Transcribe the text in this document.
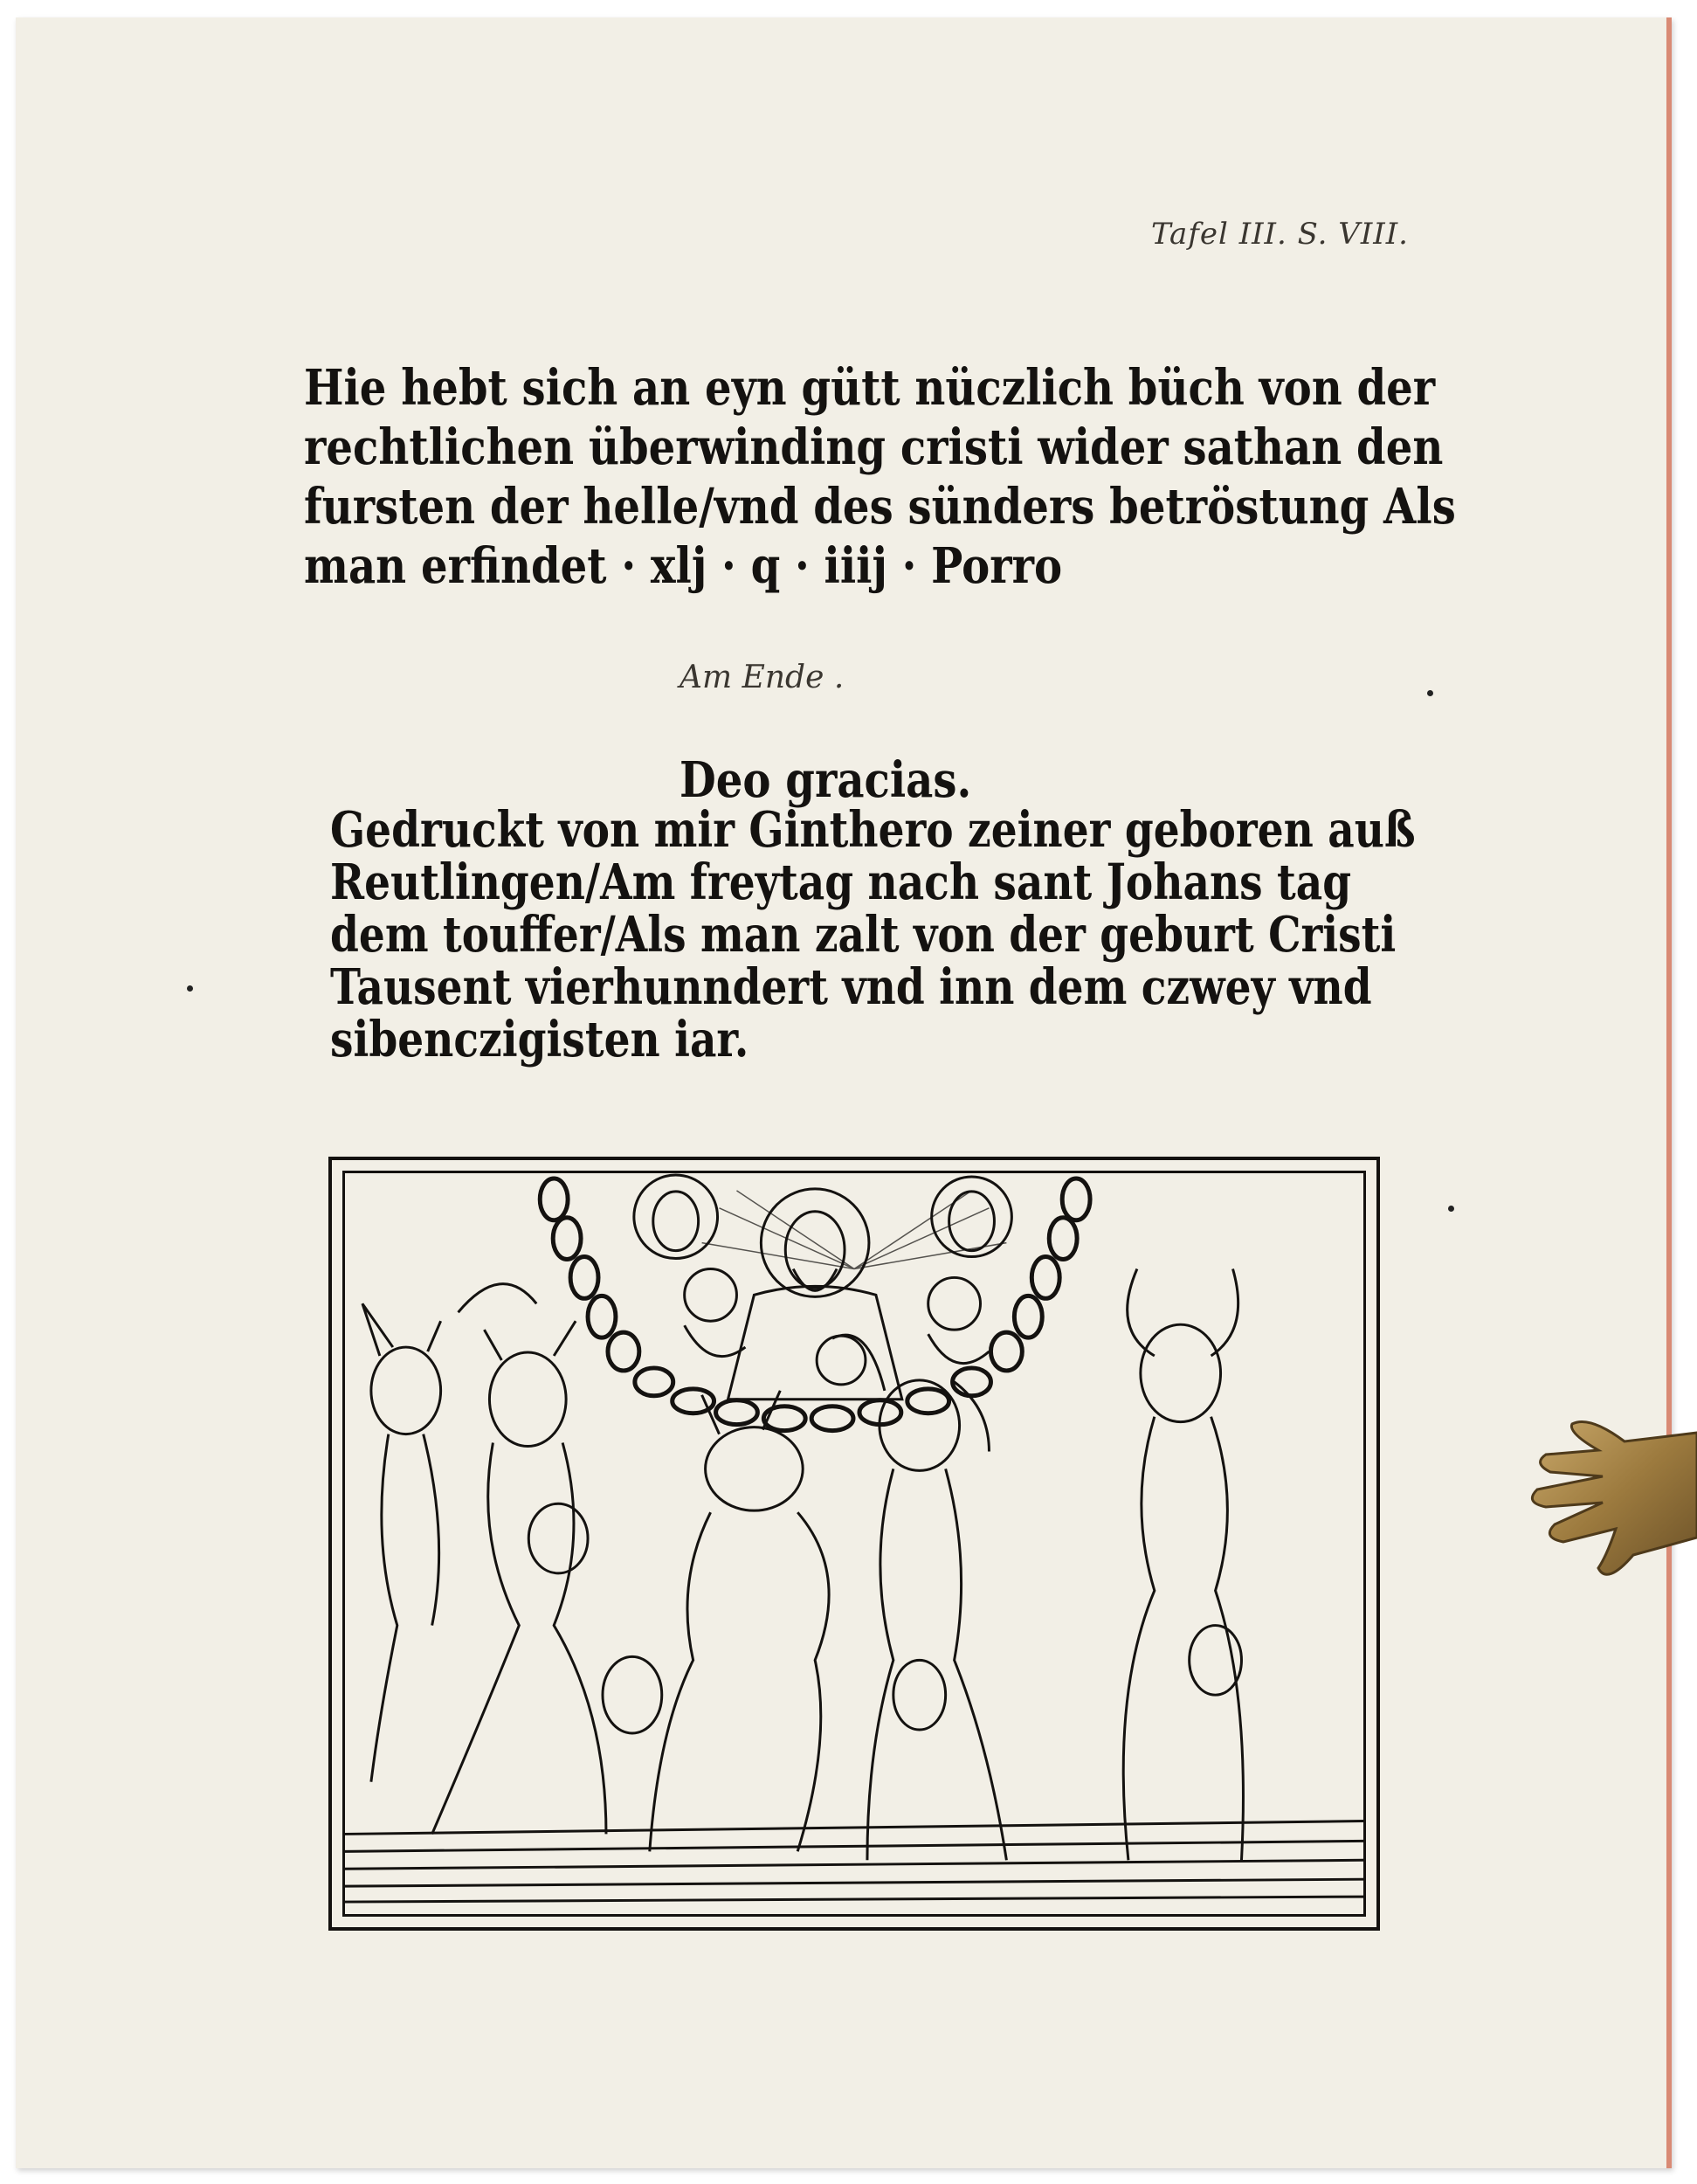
Tafel III. S. VIII.
Hie hebt sich an eyn gütt nüczlich büch von der
rechtlichen überwinding cristi wider sathan den
fursten der helle/vnd des sünders betröstung Als
man erfindet · xlj · q · iiij · Porro
Am Ende .
Deo gracias.
Gedruckt von mir Ginthero zeiner geboren auß
Reutlingen/Am freytag nach sant Johans tag
dem touffer/Als man zalt von der geburt Cristi
Tausent vierhunndert vnd inn dem czwey vnd
sibenczigisten iar.
